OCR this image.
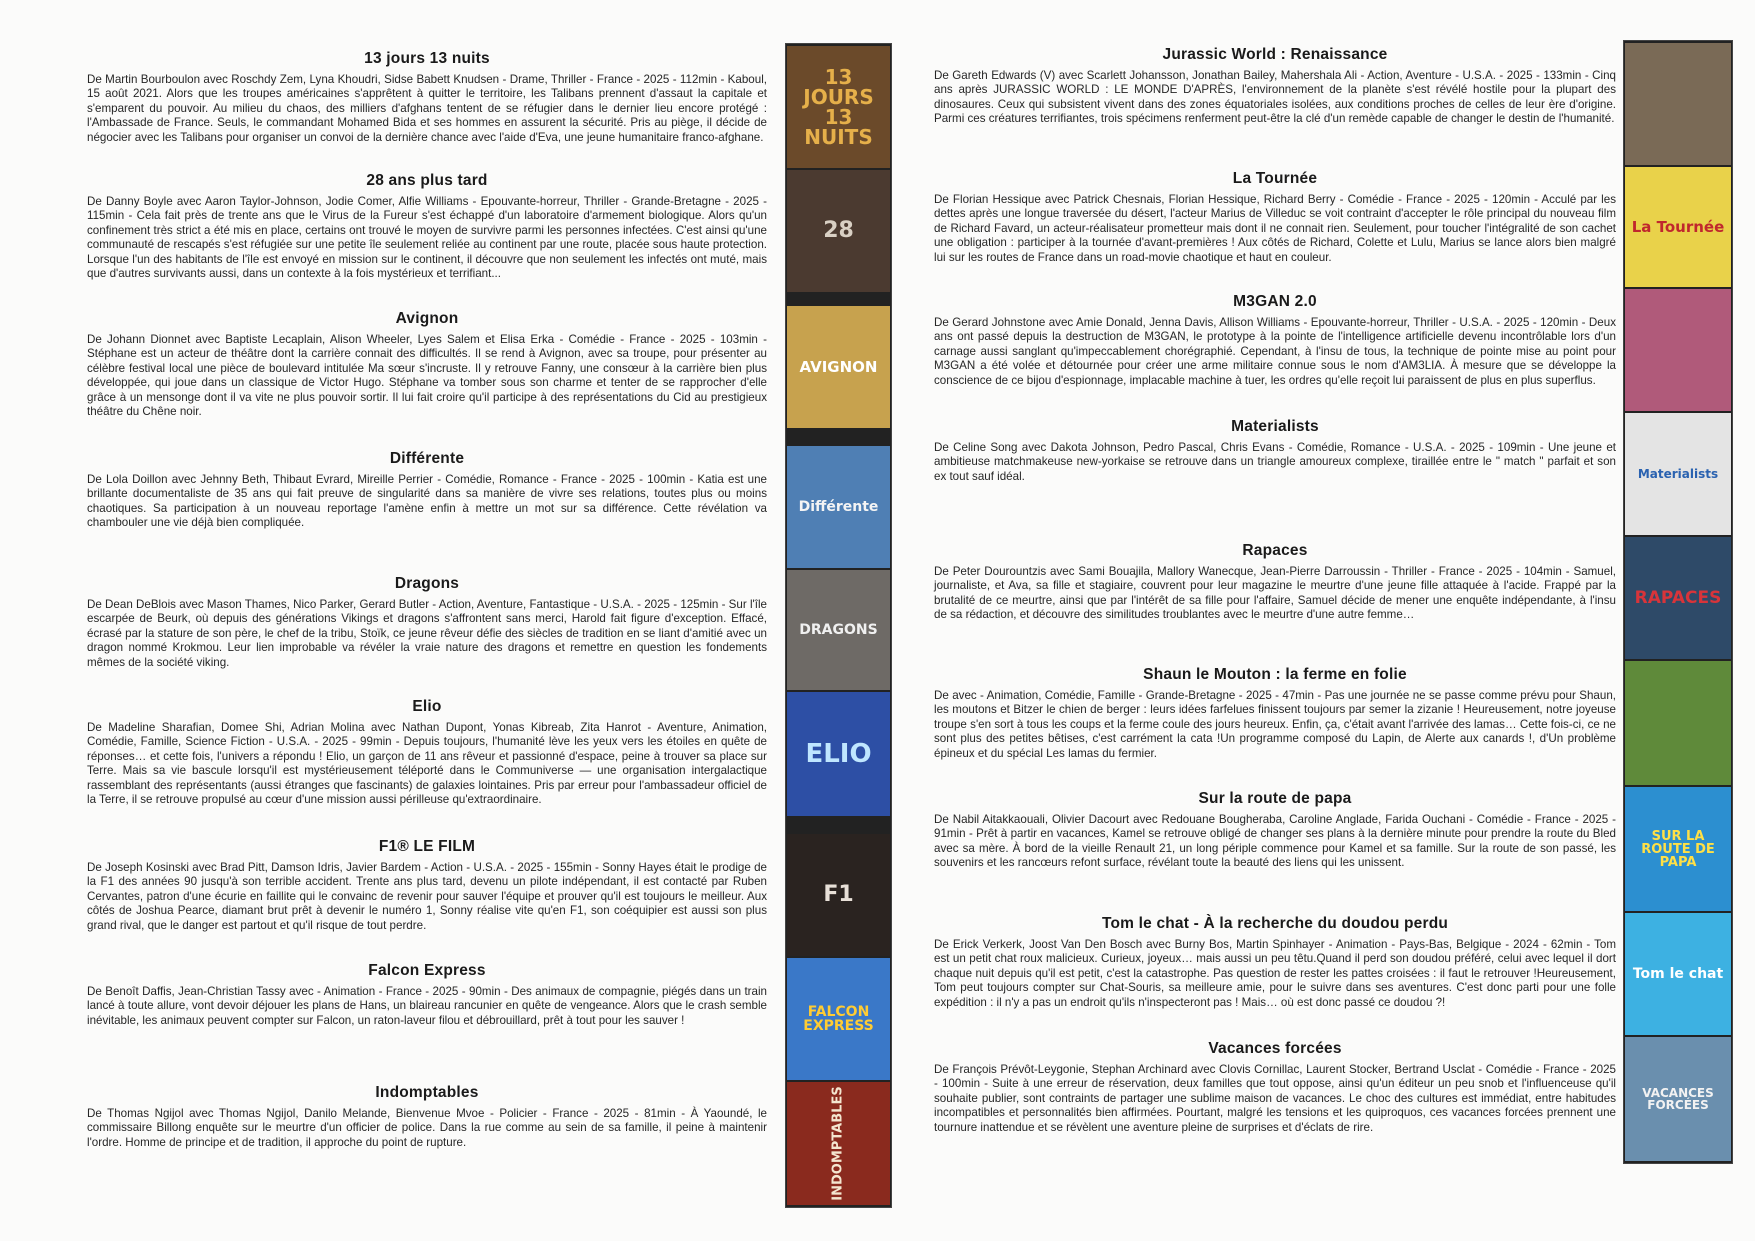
13 jours 13 nuits

De Martin Bourboulon avec Roschdy Zem, Lyna Khoudri, Sidse Babett Knudsen - Drame, Thriller - France - 2025 - 112min - Kaboul, 15 août 2021. Alors que les troupes américaines s'apprêtent à quitter le territoire, les Talibans prennent d'assaut la capitale et s'emparent du pouvoir. Au milieu du chaos, des milliers d'afghans tentent de se réfugier dans le dernier lieu encore protégé : l'Ambassade de France. Seuls, le commandant Mohamed Bida et ses hommes en assurent la sécurité. Pris au piège, il décide de négocier avec les Talibans pour organiser un convoi de la dernière chance avec l'aide d'Eva, une jeune humanitaire franco-afghane.

28 ans plus tard

De Danny Boyle avec Aaron Taylor-Johnson, Jodie Comer, Alfie Williams - Epouvante-horreur, Thriller - Grande-Bretagne - 2025 - 115min - Cela fait près de trente ans que le Virus de la Fureur s'est échappé d'un laboratoire d'armement biologique. Alors qu'un confinement très strict a été mis en place, certains ont trouvé le moyen de survivre parmi les personnes infectées. C'est ainsi qu'une communauté de rescapés s'est réfugiée sur une petite île seulement reliée au continent par une route, placée sous haute protection. Lorsque l'un des habitants de l'île est envoyé en mission sur le continent, il découvre que non seulement les infectés ont muté, mais que d'autres survivants aussi, dans un contexte à la fois mystérieux et terrifiant...

Avignon

De Johann Dionnet avec Baptiste Lecaplain, Alison Wheeler, Lyes Salem et Elisa Erka - Comédie - France - 2025 - 103min - Stéphane est un acteur de théâtre dont la carrière connait des difficultés. Il se rend à Avignon, avec sa troupe, pour présenter au célèbre festival local une pièce de boulevard intitulée Ma sœur s'incruste. Il y retrouve Fanny, une consœur à la carrière bien plus développée, qui joue dans un classique de Victor Hugo. Stéphane va tomber sous son charme et tenter de se rapprocher d'elle grâce à un mensonge dont il va vite ne plus pouvoir sortir. Il lui fait croire qu'il participe à des représentations du Cid au prestigieux théâtre du Chêne noir.

Différente

De Lola Doillon avec Jehnny Beth, Thibaut Evrard, Mireille Perrier - Comédie, Romance - France - 2025 - 100min - Katia est une brillante documentaliste de 35 ans qui fait preuve de singularité dans sa manière de vivre ses relations, toutes plus ou moins chaotiques. Sa participation à un nouveau reportage l'amène enfin à mettre un mot sur sa différence. Cette révélation va chambouler une vie déjà bien compliquée.

Dragons

De Dean DeBlois avec Mason Thames, Nico Parker, Gerard Butler - Action, Aventure, Fantastique - U.S.A. - 2025 - 125min - Sur l'île escarpée de Beurk, où depuis des générations Vikings et dragons s'affrontent sans merci, Harold fait figure d'exception. Effacé, écrasé par la stature de son père, le chef de la tribu, Stoïk, ce jeune rêveur défie des siècles de tradition en se liant d'amitié avec un dragon nommé Krokmou. Leur lien improbable va révéler la vraie nature des dragons et remettre en question les fondements mêmes de la société viking.

Elio

De Madeline Sharafian, Domee Shi, Adrian Molina avec Nathan Dupont, Yonas Kibreab, Zita Hanrot - Aventure, Animation, Comédie, Famille, Science Fiction - U.S.A. - 2025 - 99min - Depuis toujours, l'humanité lève les yeux vers les étoiles en quête de réponses… et cette fois, l'univers a répondu ! Elio, un garçon de 11 ans rêveur et passionné d'espace, peine à trouver sa place sur Terre. Mais sa vie bascule lorsqu'il est mystérieusement téléporté dans le Communiverse — une organisation intergalactique rassemblant des représentants (aussi étranges que fascinants) de galaxies lointaines. Pris par erreur pour l'ambassadeur officiel de la Terre, il se retrouve propulsé au cœur d'une mission aussi périlleuse qu'extraordinaire.

F1® LE FILM

De Joseph Kosinski avec Brad Pitt, Damson Idris, Javier Bardem - Action - U.S.A. - 2025 - 155min - Sonny Hayes était le prodige de la F1 des années 90 jusqu'à son terrible accident. Trente ans plus tard, devenu un pilote indépendant, il est contacté par Ruben Cervantes, patron d'une écurie en faillite qui le convainc de revenir pour sauver l'équipe et prouver qu'il est toujours le meilleur. Aux côtés de Joshua Pearce, diamant brut prêt à devenir le numéro 1, Sonny réalise vite qu'en F1, son coéquipier est aussi son plus grand rival, que le danger est partout et qu'il risque de tout perdre.

Falcon Express

De Benoît Daffis, Jean-Christian Tassy avec - Animation - France - 2025 - 90min - Des animaux de compagnie, piégés dans un train lancé à toute allure, vont devoir déjouer les plans de Hans, un blaireau rancunier en quête de vengeance. Alors que le crash semble inévitable, les animaux peuvent compter sur Falcon, un raton-laveur filou et débrouillard, prêt à tout pour les sauver !

Indomptables

De Thomas Ngijol avec Thomas Ngijol, Danilo Melande, Bienvenue Mvoe - Policier - France - 2025 - 81min - À Yaoundé, le commissaire Billong enquête sur le meurtre d'un officier de police. Dans la rue comme au sein de sa famille, il peine à maintenir l'ordre. Homme de principe et de tradition, il approche du point de rupture.

13 JOURS 13 NUITS
28
AVIGNON
Différente
DRAGONS
ELIO
F1
FALCON EXPRESS
INDOMPTABLES
Jurassic World : Renaissance

De Gareth Edwards (V) avec Scarlett Johansson, Jonathan Bailey, Mahershala Ali - Action, Aventure - U.S.A. - 2025 - 133min - Cinq ans après JURASSIC WORLD : LE MONDE D'APRÈS, l'environnement de la planète s'est révélé hostile pour la plupart des dinosaures. Ceux qui subsistent vivent dans des zones équatoriales isolées, aux conditions proches de celles de leur ère d'origine. Parmi ces créatures terrifiantes, trois spécimens renferment peut-être la clé d'un remède capable de changer le destin de l'humanité.

La Tournée

De Florian Hessique avec Patrick Chesnais, Florian Hessique, Richard Berry - Comédie - France - 2025 - 120min - Acculé par les dettes après une longue traversée du désert, l'acteur Marius de Villeduc se voit contraint d'accepter le rôle principal du nouveau film de Richard Favard, un acteur-réalisateur prometteur mais dont il ne connait rien. Seulement, pour toucher l'intégralité de son cachet une obligation : participer à la tournée d'avant-premières ! Aux côtés de Richard, Colette et Lulu, Marius se lance alors bien malgré lui sur les routes de France dans un road-movie chaotique et haut en couleur.

M3GAN 2.0

De Gerard Johnstone avec Amie Donald, Jenna Davis, Allison Williams - Epouvante-horreur, Thriller - U.S.A. - 2025 - 120min - Deux ans ont passé depuis la destruction de M3GAN, le prototype à la pointe de l'intelligence artificielle devenu incontrôlable lors d'un carnage aussi sanglant qu'impeccablement chorégraphié. Cependant, à l'insu de tous, la technique de pointe mise au point pour M3GAN a été volée et détournée pour créer une arme militaire connue sous le nom d'AM3LIA. À mesure que se développe la conscience de ce bijou d'espionnage, implacable machine à tuer, les ordres qu'elle reçoit lui paraissent de plus en plus superflus.

Materialists

De Celine Song avec Dakota Johnson, Pedro Pascal, Chris Evans - Comédie, Romance - U.S.A. - 2025 - 109min - Une jeune et ambitieuse matchmakeuse new-yorkaise se retrouve dans un triangle amoureux complexe, tiraillée entre le " match " parfait et son ex tout sauf idéal.

Rapaces

De Peter Dourountzis avec Sami Bouajila, Mallory Wanecque, Jean-Pierre Darroussin - Thriller - France - 2025 - 104min - Samuel, journaliste, et Ava, sa fille et stagiaire, couvrent pour leur magazine le meurtre d'une jeune fille attaquée à l'acide. Frappé par la brutalité de ce meurtre, ainsi que par l'intérêt de sa fille pour l'affaire, Samuel décide de mener une enquête indépendante, à l'insu de sa rédaction, et découvre des similitudes troublantes avec le meurtre d'une autre femme…

Shaun le Mouton : la ferme en folie

De avec - Animation, Comédie, Famille - Grande-Bretagne - 2025 - 47min - Pas une journée ne se passe comme prévu pour Shaun, les moutons et Bitzer le chien de berger : leurs idées farfelues finissent toujours par semer la zizanie ! Heureusement, notre joyeuse troupe s'en sort à tous les coups et la ferme coule des jours heureux. Enfin, ça, c'était avant l'arrivée des lamas… Cette fois-ci, ce ne sont plus des petites bêtises, c'est carrément la cata !Un programme composé du Lapin, de Alerte aux canards !, d'Un problème épineux et du spécial Les lamas du fermier.

Sur la route de papa

De Nabil Aitakkaouali, Olivier Dacourt avec Redouane Bougheraba, Caroline Anglade, Farida Ouchani - Comédie - France - 2025 - 91min - Prêt à partir en vacances, Kamel se retrouve obligé de changer ses plans à la dernière minute pour prendre la route du Bled avec sa mère. À bord de la vieille Renault 21, un long périple commence pour Kamel et sa famille. Sur la route de son passé, les souvenirs et les rancœurs refont surface, révélant toute la beauté des liens qui les unissent.

Tom le chat - À la recherche du doudou perdu

De Erick Verkerk, Joost Van Den Bosch avec Burny Bos, Martin Spinhayer - Animation - Pays-Bas, Belgique - 2024 - 62min - Tom est un petit chat roux malicieux. Curieux, joyeux… mais aussi un peu têtu.Quand il perd son doudou préféré, celui avec lequel il dort chaque nuit depuis qu'il est petit, c'est la catastrophe. Pas question de rester les pattes croisées : il faut le retrouver !Heureusement, Tom peut toujours compter sur Chat-Souris, sa meilleure amie, pour le suivre dans ses aventures. C'est donc parti pour une folle expédition : il n'y a pas un endroit qu'ils n'inspecteront pas ! Mais… où est donc passé ce doudou ?!

Vacances forcées

De François Prévôt-Leygonie, Stephan Archinard avec Clovis Cornillac, Laurent Stocker, Bertrand Usclat - Comédie - France - 2025 - 100min - Suite à une erreur de réservation, deux familles que tout oppose, ainsi qu'un éditeur un peu snob et l'influenceuse qu'il souhaite publier, sont contraints de partager une sublime maison de vacances. Le choc des cultures est immédiat, entre habitudes incompatibles et personnalités bien affirmées. Pourtant, malgré les tensions et les quiproquos, ces vacances forcées prennent une tournure inattendue et se révèlent une aventure pleine de surprises et d'éclats de rire.

La Tournée
Materialists
RAPACES
SUR LA ROUTE DE PAPA
Tom le chat
VACANCES FORCÉES
